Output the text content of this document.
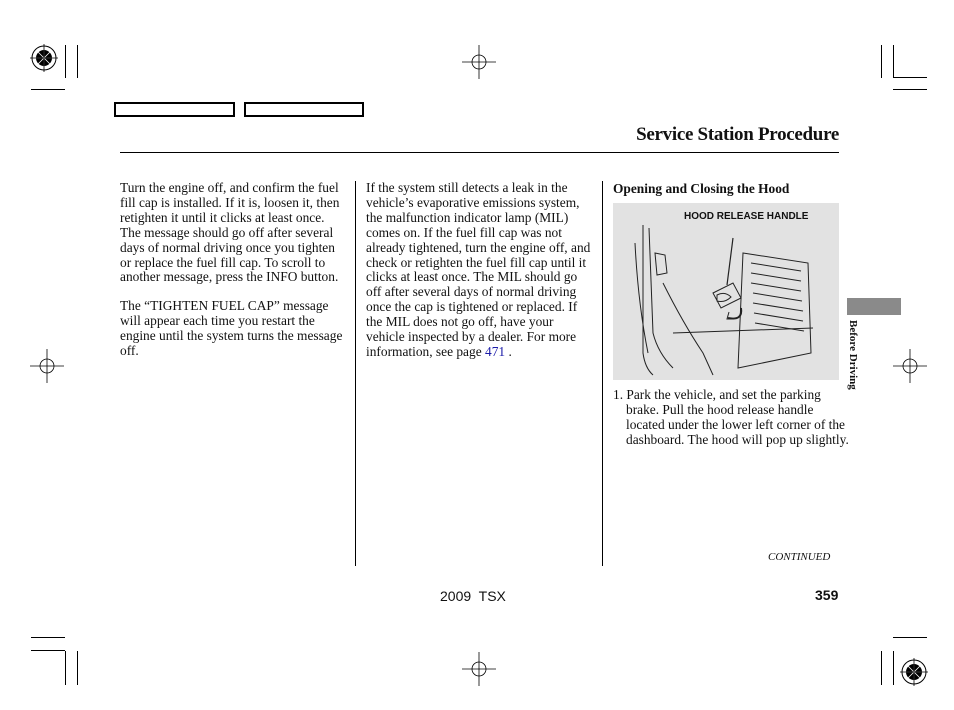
Service Station Procedure

Turn the engine off, and confirm the fuel fill cap is installed. If it is, loosen it, then retighten it until it clicks at least once. The message should go off after several days of normal driving once you tighten or replace the fuel fill cap. To scroll to another message, press the INFO button.

The “TIGHTEN FUEL CAP” message will appear each time you restart the engine until the system turns the message off.

If the system still detects a leak in the vehicle’s evaporative emissions system, the malfunction indicator lamp (MIL) comes on. If the fuel fill cap was not already tightened, turn the engine off, and check or retighten the fuel fill cap until it clicks at least once. The MIL should go off after several days of normal driving once the cap is tightened or replaced. If the MIL does not go off, have your vehicle inspected by a dealer. For more information, see page 471 .

Opening and Closing the Hood
HOOD RELEASE HANDLE
1. Park the vehicle, and set the parking brake. Pull the hood release handle located under the lower left corner of the dashboard. The hood will pop up slightly.
Before Driving
CONTINUED
2009  TSX	359
